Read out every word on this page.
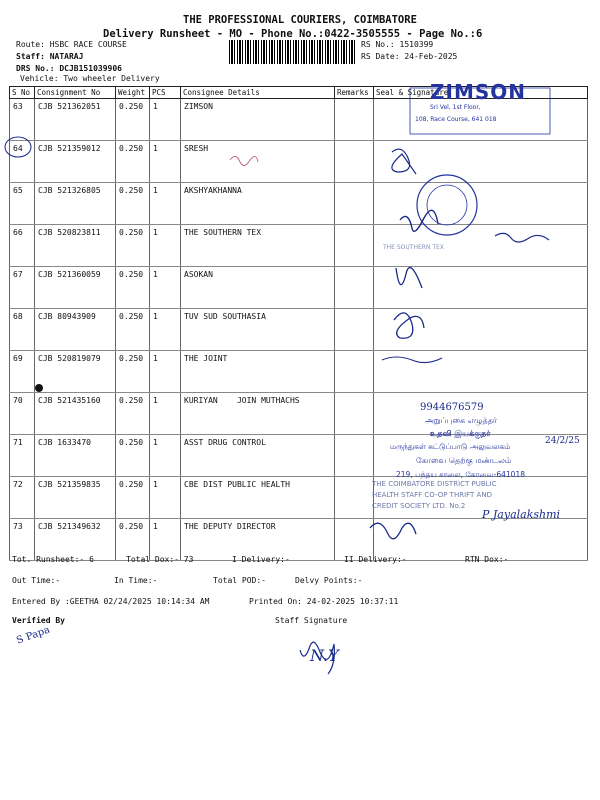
THE PROFESSIONAL COURIERS, COIMBATORE
Delivery Runsheet - MO - Phone No.:0422-3505555 - Page No.:6
Route: HSBC RACE COURSE
Staff: NATARAJ
DRS No.: DCJB151039906
Vehicle: Two wheeler Delivery
RS No.: 1510399
RS Date: 24-Feb-2025
S No	Consignment No	Weight	PCS	Consignee Details	Remarks	Seal & Signature
63	CJB 521362051	0.250	1	ZIMSON		
64	CJB 521359012	0.250	1	SRESH		
65	CJB 521326805	0.250	1	AKSHYAKHANNA		
66	CJB 520823811	0.250	1	THE SOUTHERN TEX		
67	CJB 521360059	0.250	1	ASOKAN		
68	CJB 80943909	0.250	1	TUV SUD SOUTHASIA		
69	CJB 520819079	0.250	1	THE JOINT		
70	CJB 521435160	0.250	1	KURIYAN    JOIN MUTHACHS		
71	CJB 1633470	0.250	1	ASST DRUG CONTROL		
72	CJB 521359835	0.250	1	CBE DIST PUBLIC HEALTH		
73	CJB 521349632	0.250	1	THE DEPUTY DIRECTOR		
ZIMSON
Sri Vel, 1st Floor,
108, Race Course, 641 018
THE SOUTHERN TEX
9944676579
அறுப்புகை எழுத்தர்
உதவி இயக்குநர்
மருந்துகள் கட்டுப்பாடு அலுவலகம்
கோவை தெற்கு மண்டலம்
219, பந்தய சாலை, கோவை-641018
24/2/25
THE COIMBATORE DISTRICT PUBLIC
HEALTH STAFF CO-OP THRIFT AND
CREDIT SOCIETY LTD. No.2
P Jayalakshmi
Tot. Runsheet:- 6	Total Dox:- 73	I Delivery:-	II Delivery:-	RTN Dox:-
Out Time:-	In Time:-	Total POD:-	Delvy Points:-
Entered By :GEETHA 02/24/2025 10:14:34 AM	Printed On: 24-02-2025 10:37:11
Verified By	Staff Signature
S Papa
N.Y
